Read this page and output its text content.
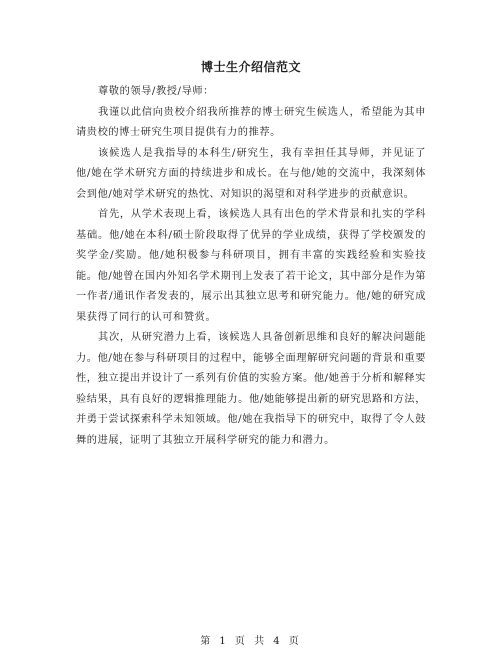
博士生介绍信范文

尊敬的领导/教授/导师：

我谨以此信向贵校介绍我所推荐的博士研究生候选人，希望能为其申请贵校的博士研究生项目提供有力的推荐。

该候选人是我指导的本科生/研究生，我有幸担任其导师，并见证了他/她在学术研究方面的持续进步和成长。在与他/她的交流中，我深刻体会到他/她对学术研究的热忱、对知识的渴望和对科学进步的贡献意识。

首先，从学术表现上看，该候选人具有出色的学术背景和扎实的学科基础。他/她在本科/硕士阶段取得了优异的学业成绩，获得了学校颁发的奖学金/奖励。他/她积极参与科研项目，拥有丰富的实践经验和实验技能。他/她曾在国内外知名学术期刊上发表了若干论文，其中部分是作为第一作者/通讯作者发表的，展示出其独立思考和研究能力。他/她的研究成果获得了同行的认可和赞赏。

其次，从研究潜力上看，该候选人具备创新思维和良好的解决问题能力。他/她在参与科研项目的过程中，能够全面理解研究问题的背景和重要性，独立提出并设计了一系列有价值的实验方案。他/她善于分析和解释实验结果，具有良好的逻辑推理能力。他/她能够提出新的研究思路和方法，并勇于尝试探索科学未知领域。他/她在我指导下的研究中，取得了令人鼓舞的进展，证明了其独立开展科学研究的能力和潜力。

第 1 页 共 4 页
